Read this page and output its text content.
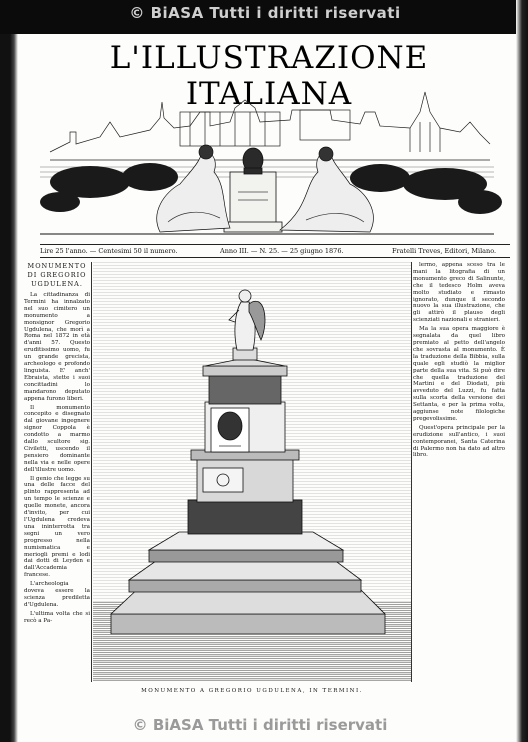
© BiASA Tutti i diritti riservati
L'ILLUSTRAZIONE ITALIANA
Lire 25 l'anno. — Centesimi 50 il numero.	Anno III. — N. 25. — 25 giugno 1876.	Fratelli Treves, Editori, Milano.
MONUMENTO
DI GREGORIO UGDULENA.

La cittadinanza di Termini ha innalzato nel suo cimitero un monumento a monsignor Gregorio Ugdulena, che morì a Roma nel 1872 in età d'anni 57. Questo eruditissimo uomo, fu un grande grecista, archeologo e profondo linguista. E' anch' Ebraista, stette i suoi concittadini lo mandarono deputato appena furono liberi.

Il monumento concepito e disegnato dal giovane ingegnere signor Coppola è condotto a marmo dallo scultore sig. Civiletti, uscendo il pensiero dominante nella via e nelle opere dell'illustre uomo.

Il genio che legge su una delle facce del plinto rappresenta ad un tempo le scienze e quelle monete, ancora d'invito, per cui l'Ugdulena credeva una ininterrotta tra segni un vero progresso nella numismatica e meriogli premi e lodi dai dotti di Leyden e dall'Accademia francese.

L'archeologia doveva essere la scienza prediletta d'Ugdulena.

L'ultima volta che si recò a Pa-

MONUMENTO A GREGORIO UGDULENA, IN TERMINI.

lermo, appena sceso tra le mani la litografia di un monumento greco di Salinunte, che il tedesco Holm aveva molto studiato e rimasto ignorato, dunque il secondo nuovo la sua illustrazione, che gli attirò il plauso degli scienziati nazionali e stranieri.

Ma la sua opera maggiore è segnalata da quel libro premiato al petto dell'angelo che sovrasta al monumento. È la traduzione della Bibbia, sulla quale egli studiò la miglior parte della sua vita. Si può dire che quella traduzione del Martini e del Diodati, più avveduto del Luzzi, fu fatta sulla scorta della versione dei Settanta, e per la prima volta, aggiunse note filologiche pregevolissime.

Quest'opera principale per la erudizione sull'antico, i suoi contemporanei, Santa Caterina di Palermo non ha dato ad altro libro.

© BiASA Tutti i diritti riservati
